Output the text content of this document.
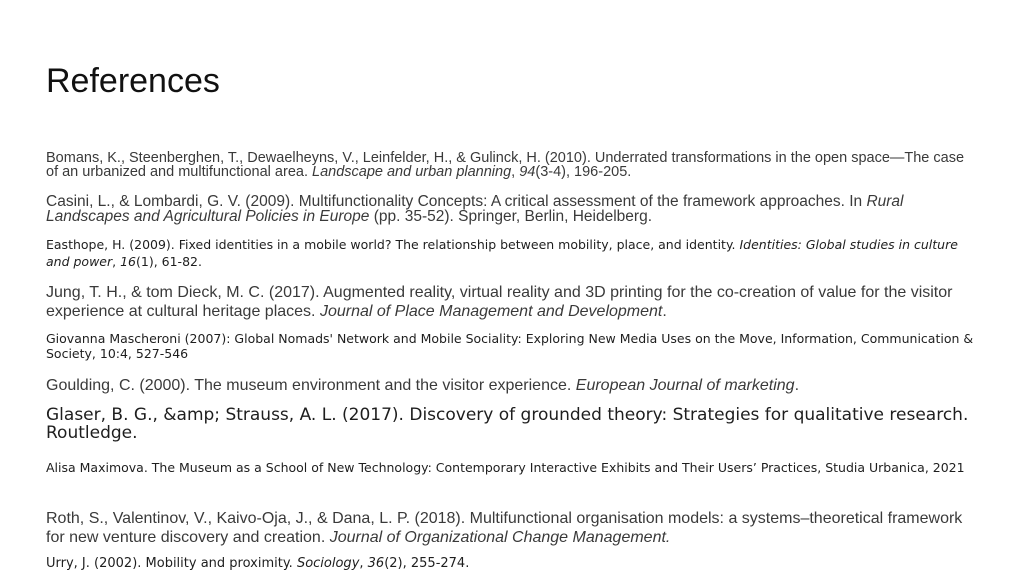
References

Bomans, K., Steenberghen, T., Dewaelheyns, V., Leinfelder, H., & Gulinck, H. (2010). Underrated transformations in the open space—The case of an urbanized and multifunctional area. Landscape and urban planning, 94(3-4), 196-205.

Casini, L., & Lombardi, G. V. (2009). Multifunctionality Concepts: A critical assessment of the framework approaches. In Rural Landscapes and Agricultural Policies in Europe (pp. 35-52). Springer, Berlin, Heidelberg.

Easthope, H. (2009). Fixed identities in a mobile world? The relationship between mobility, place, and identity. Identities: Global studies in culture and power, 16(1), 61-82.

Jung, T. H., & tom Dieck, M. C. (2017). Augmented reality, virtual reality and 3D printing for the co-creation of value for the visitor experience at cultural heritage places. Journal of Place Management and Development.

Giovanna Mascheroni (2007): Global Nomads' Network and Mobile Sociality: Exploring New Media Uses on the Move, Information, Communication & Society, 10:4, 527-546

Goulding, C. (2000). The museum environment and the visitor experience. European Journal of marketing.

Glaser, B. G., &amp; Strauss, A. L. (2017). Discovery of grounded theory: Strategies for qualitative research. Routledge.

Alisa Maximova. The Museum as a School of New Technology: Contemporary Interactive Exhibits and Their Users’ Practices, Studia Urbanica, 2021

Roth, S., Valentinov, V., Kaivo-Oja, J., & Dana, L. P. (2018). Multifunctional organisation models: a systems–theoretical framework for new venture discovery and creation. Journal of Organizational Change Management.

Urry, J. (2002). Mobility and proximity. Sociology, 36(2), 255-274.
